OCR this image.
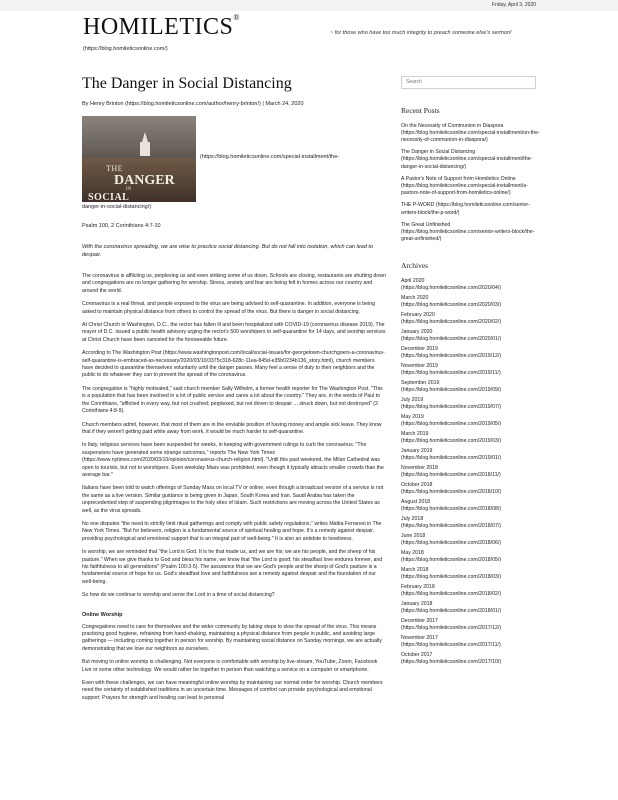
Friday, April 3, 2020
HOMILETICS®
~ for those who have too much integrity to preach someone else's sermon!
(https://blog.homileticsonline.com/)
The Danger in Social Distancing
By Henry Brinton (https://blog.homileticsonline.com/author/henry-brinton/) | March 24, 2020
THE
DANGER
IN
SOCIAL
(https://blog.homileticsonline.com/special-installment/the-
danger-in-social-distancing/)
Psalm 100, 2 Corinthians 4:7-10
With the coronavirus spreading, we are wise to practice social distancing. But do not fall into isolation, which can lead to despair.

The coronavirus is afflicting us, perplexing us and even striking some of us down. Schools are closing, restaurants are shutting down and congregations are no longer gathering for worship. Stress, anxiety and fear are being felt in homes across our country and around the world.

Coronavirus is a real threat, and people exposed to the virus are being advised to self-quarantine. In addition, everyone is being asked to maintain physical distance from others to control the spread of the virus. But there is danger in social distancing.

At Christ Church in Washington, D.C., the rector has fallen ill and been hospitalized with COVID-19 (coronavirus disease 2019). The mayor of D.C. issued a public health advisory urging the rector's 500 worshipers to self-quarantine for 14 days, and worship services at Christ Church have been canceled for the foreseeable future.

According to The Washington Post (https://www.washingtonpost.com/local/social-issues/for-georgetown-churchgoers-a-coronavirus-self-quarantine-is-embraced-as-necessary/2020/03/10/3375c318-628c-11ea-845d-e35b0234b136_story.html), church members have decided to quarantine themselves voluntarily until the danger passes. Many feel a sense of duty to their neighbors and the public to do whatever they can to prevent the spread of the coronavirus.

The congregation is "highly motivated," said church member Sally Wilhelm, a former health reporter for The Washington Post. "This is a population that has been involved in a lot of public service and cares a lot about the country." They are, in the words of Paul to the Corinthians, "afflicted in every way, but not crushed; perplexed, but not driven to despair ... struck down, but not destroyed" (2 Corinthians 4:8-9).

Church members admit, however, that most of them are in the enviable position of having money and ample sick leave. They know that if they weren't getting paid while away from work, it would be much harder to self-quarantine.

In Italy, religious services have been suspended for weeks, in keeping with government rulings to curb the coronavirus. "The suspensions have generated some strange outcomes," reports The New York Times (https://www.nytimes.com/2020/03/10/opinion/coronavirus-church-religion.html). "Until this past weekend, the Milan Cathedral was open to tourists, but not to worshipers. Even weekday Mass was prohibited, even though it typically attracts smaller crowds than the average bar."

Italians have been told to watch offerings of Sunday Mass on local TV or online, even though a broadcast version of a service is not the same as a live version. Similar guidance is being given in Japan, South Korea and Iran. Saudi Arabia has taken the unprecedented step of suspending pilgrimages to the holy sites of Islam. Such restrictions are moving across the United States as well, as the virus spreads.

No one disputes "the need to strictly limit ritual gatherings and comply with public safety regulations," writes Mattia Ferraresi in The New York Times. "But for believers, religion is a fundamental source of spiritual healing and hope. It's a remedy against despair, providing psychological and emotional support that is an integral part of well-being." It is also an antidote to loneliness.

In worship, we are reminded that "the Lord is God. It is he that made us, and we are his; we are his people, and the sheep of his pasture." When we give thanks to God and bless his name, we know that "the Lord is good; his steadfast love endures forever, and his faithfulness to all generations" (Psalm 100:3-5). The assurance that we are God's people and the sheep of God's pasture is a fundamental source of hope for us. God's steadfast love and faithfulness are a remedy against despair and the foundation of our well-being.

So how do we continue to worship and serve the Lord in a time of social distancing?

Online Worship

Congregations need to care for themselves and the wider community by taking steps to slow the spread of the virus. This means practicing good hygiene, refraining from hand-shaking, maintaining a physical distance from people in public, and avoiding large gatherings — including coming together in person for worship. By maintaining social distance on Sunday mornings, we are actually demonstrating that we love our neighbors as ourselves.

But moving to online worship is challenging. Not everyone is comfortable with worship by live-stream, YouTube, Zoom, Facebook Live or some other technology. We would rather be together in person than watching a service on a computer or smartphone.

Even with these challenges, we can have meaningful online worship by maintaining our normal order for worship. Church members need the certainty of established traditions in an uncertain time. Messages of comfort can provide psychological and emotional support. Prayers for strength and healing can lead to personal

Search
Recent Posts
On the Necessity of Communion in Diaspora (https://blog.homileticsonline.com/special-installment/on-the-necessity-of-communion-in-diaspora/)
The Danger in Social Distancing (https://blog.homileticsonline.com/special-installment/the-danger-in-social-distancing/)
A Pastor's Note of Support from Homiletics Online (https://blog.homileticsonline.com/special-installment/a-pastors-note-of-support-from-homiletics-online/)
THE P-WORD (https://blog.homileticsonline.com/senior-writers-block/the-p-word/)
The Great Unfinished (https://blog.homileticsonline.com/senior-writers-block/the-great-unfinished/)
Archives
April 2020
(https://blog.homileticsonline.com/2020/04/)
March 2020
(https://blog.homileticsonline.com/2020/03/)
February 2020
(https://blog.homileticsonline.com/2020/02/)
January 2020
(https://blog.homileticsonline.com/2020/01/)
December 2019
(https://blog.homileticsonline.com/2019/12/)
November 2019
(https://blog.homileticsonline.com/2019/11/)
September 2019
(https://blog.homileticsonline.com/2019/09/)
July 2019
(https://blog.homileticsonline.com/2019/07/)
May 2019
(https://blog.homileticsonline.com/2019/05/)
March 2019
(https://blog.homileticsonline.com/2019/03/)
January 2019
(https://blog.homileticsonline.com/2019/01/)
November 2018
(https://blog.homileticsonline.com/2018/11/)
October 2018
(https://blog.homileticsonline.com/2018/10/)
August 2018
(https://blog.homileticsonline.com/2018/08/)
July 2018
(https://blog.homileticsonline.com/2018/07/)
June 2018
(https://blog.homileticsonline.com/2018/06/)
May 2018
(https://blog.homileticsonline.com/2018/05/)
March 2018
(https://blog.homileticsonline.com/2018/03/)
February 2018
(https://blog.homileticsonline.com/2018/02/)
January 2018
(https://blog.homileticsonline.com/2018/01/)
December 2017
(https://blog.homileticsonline.com/2017/12/)
November 2017
(https://blog.homileticsonline.com/2017/11/)
October 2017
(https://blog.homileticsonline.com/2017/10/)
